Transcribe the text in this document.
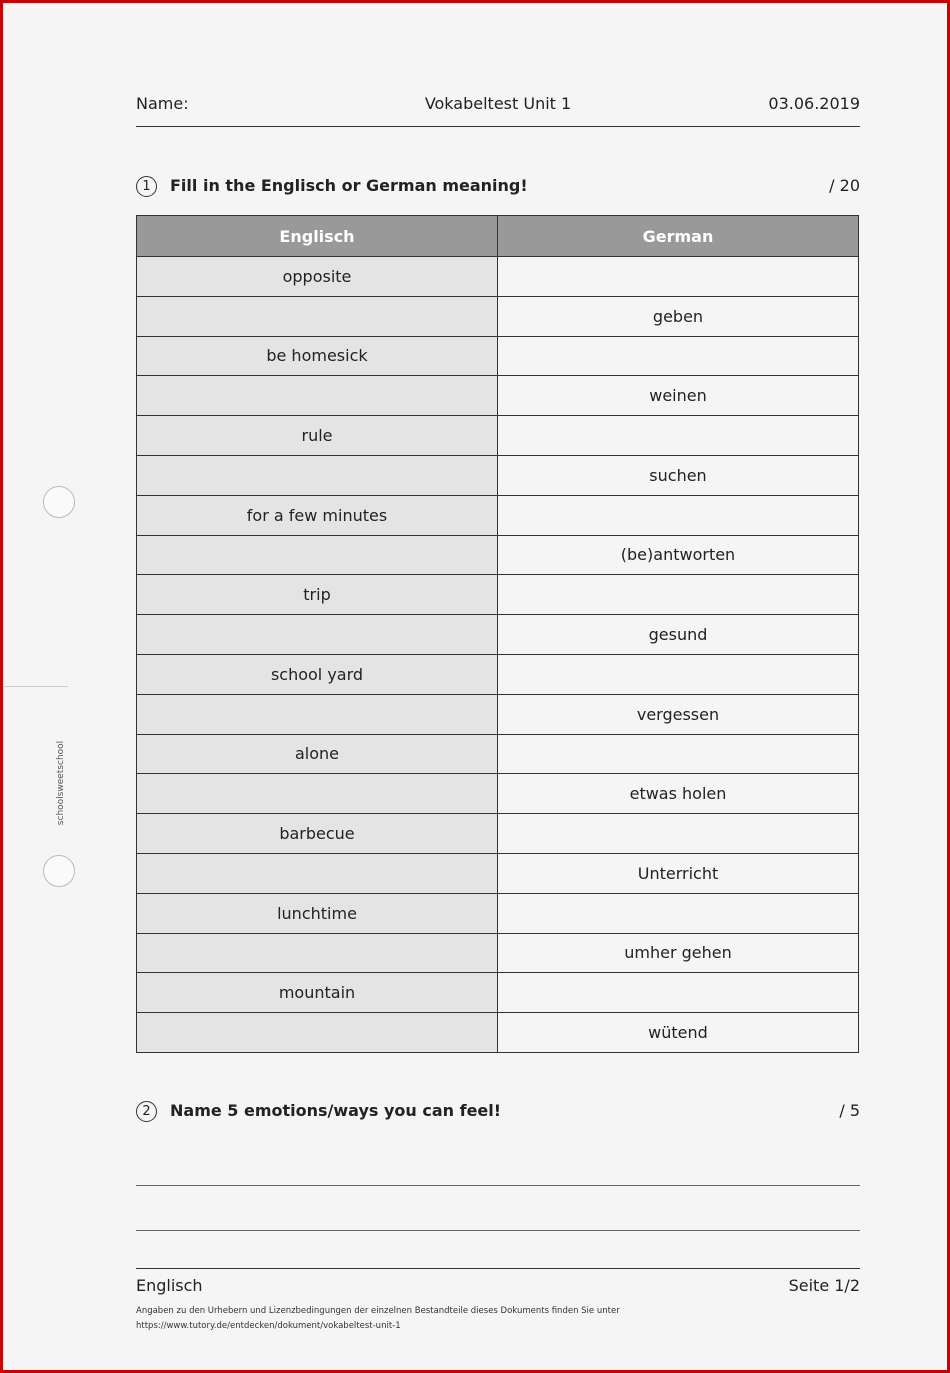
schoolsweetschool
Name:	Vokabeltest Unit 1	03.06.2019
1	Fill in the Englisch or German meaning!	/ 20
Englisch	German
opposite	
	geben
be homesick	
	weinen
rule	
	suchen
for a few minutes	
	(be)antworten
trip	
	gesund
school yard	
	vergessen
alone	
	etwas holen
barbecue	
	Unterricht
lunchtime	
	umher gehen
mountain	
	wütend
2	Name 5 emotions/ways you can feel!	/ 5
Englisch	Seite 1/2
Angaben zu den Urhebern und Lizenzbedingungen der einzelnen Bestandteile dieses Dokuments finden Sie unter
https://www.tutory.de/entdecken/dokument/vokabeltest-unit-1
